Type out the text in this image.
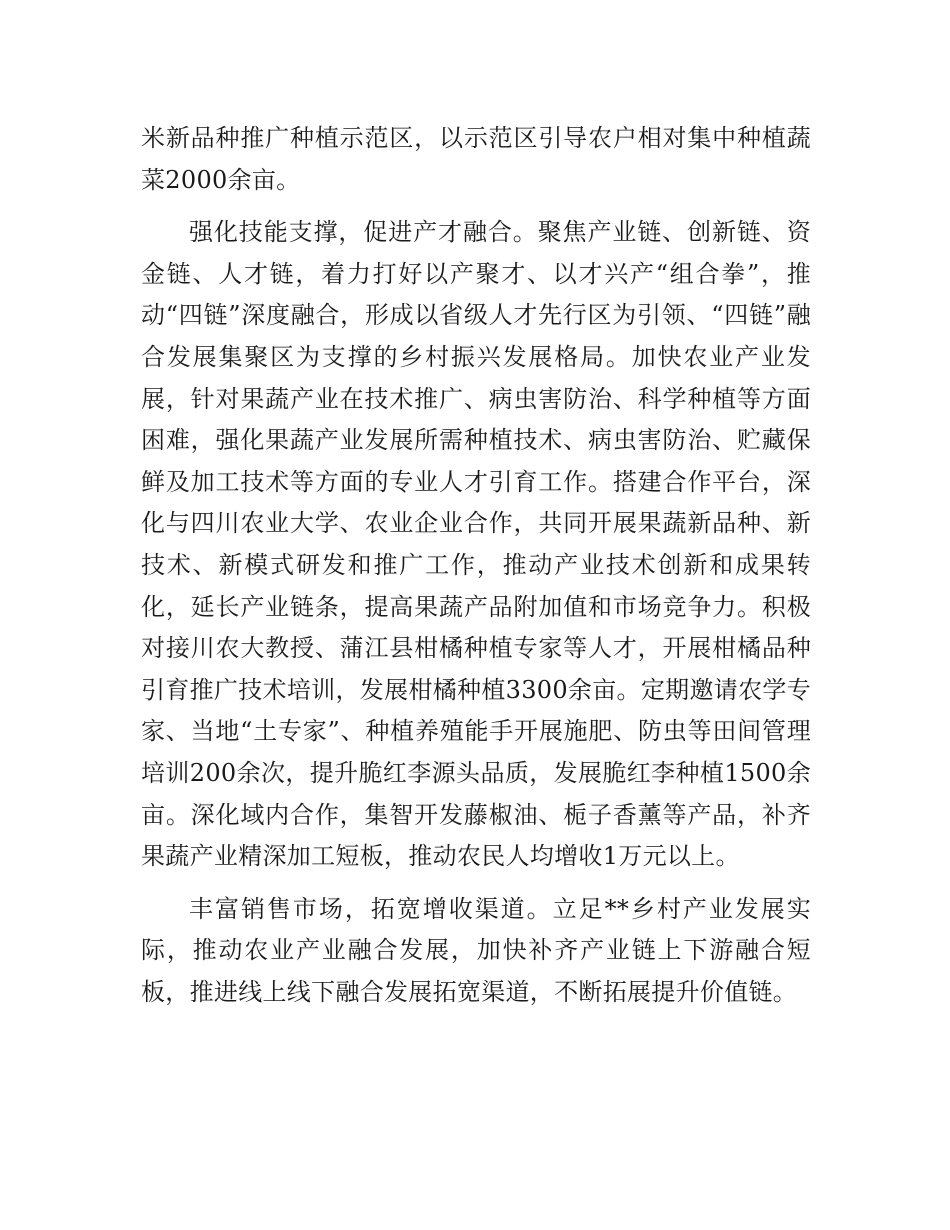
米新品种推广种植示范区，以示范区引导农户相对集中种植蔬菜2000余亩。

强化技能支撑，促进产才融合。聚焦产业链、创新链、资金链、人才链，着力打好以产聚才、以才兴产“组合拳”，推动“四链”深度融合，形成以省级人才先行区为引领、“四链”融合发展集聚区为支撑的乡村振兴发展格局。加快农业产业发展，针对果蔬产业在技术推广、病虫害防治、科学种植等方面困难，强化果蔬产业发展所需种植技术、病虫害防治、贮藏保鲜及加工技术等方面的专业人才引育工作。搭建合作平台，深化与四川农业大学、农业企业合作，共同开展果蔬新品种、新技术、新模式研发和推广工作，推动产业技术创新和成果转化，延长产业链条，提高果蔬产品附加值和市场竞争力。积极对接川农大教授、蒲江县柑橘种植专家等人才，开展柑橘品种引育推广技术培训，发展柑橘种植3300余亩。定期邀请农学专家、当地“土专家”、种植养殖能手开展施肥、防虫等田间管理培训200余次，提升脆红李源头品质，发展脆红李种植1500余亩。深化域内合作，集智开发藤椒油、栀子香薰等产品，补齐果蔬产业精深加工短板，推动农民人均增收1万元以上。

丰富销售市场，拓宽增收渠道。立足**乡村产业发展实际，推动农业产业融合发展，加快补齐产业链上下游融合短板，推进线上线下融合发展拓宽渠道，不断拓展提升价值链。
